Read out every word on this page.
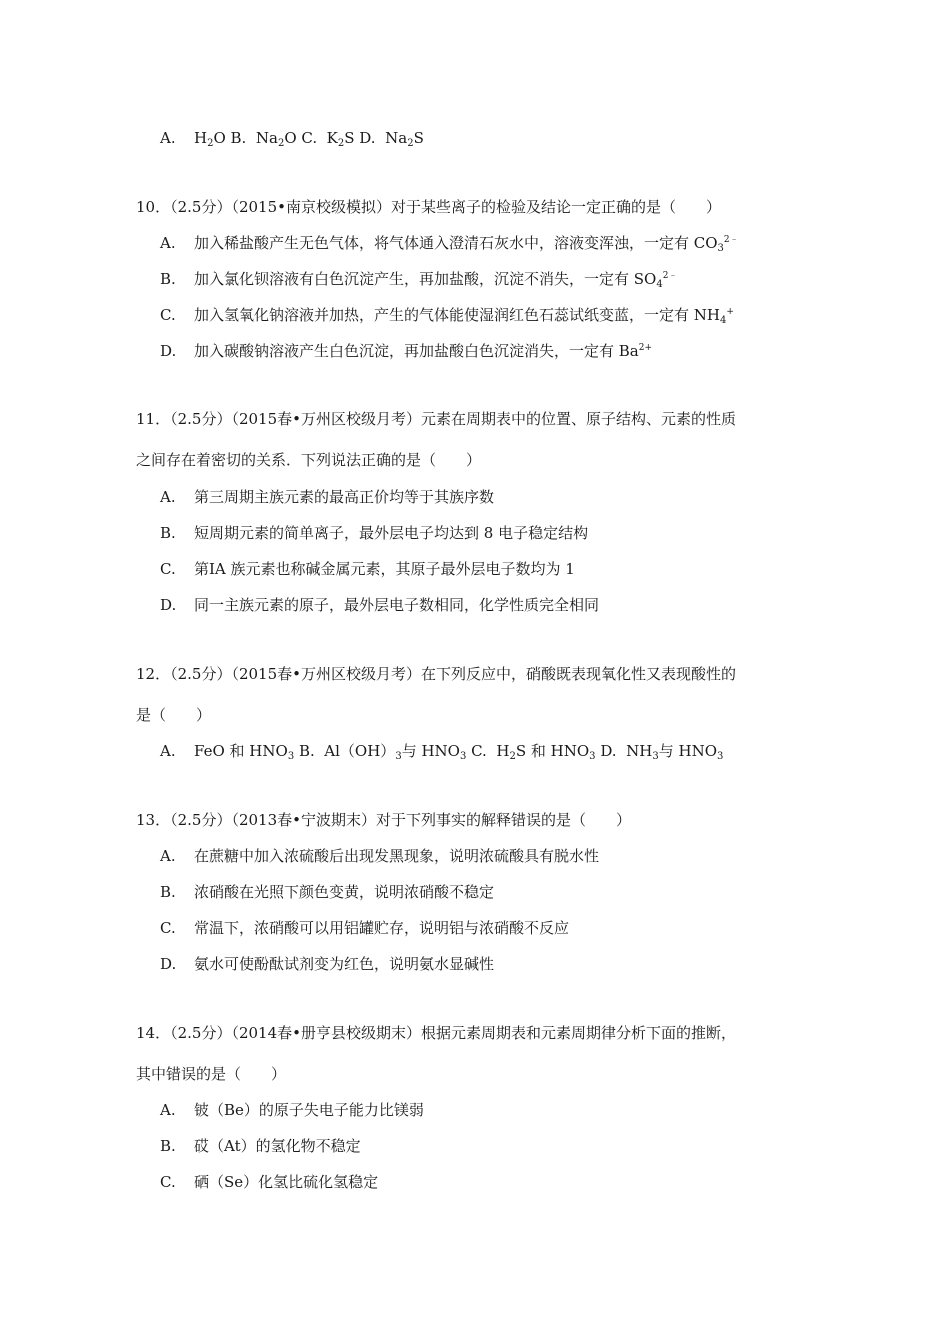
A. $H_2O$ B. $Na_2O$ C. $K_2S$ D. $Na_2S$
10．（2.5分）（2015•南京校级模拟）对于某些离子的检验及结论一定正确的是（　　）
A. 加入稀盐酸产生无色气体，将气体通入澄清石灰水中，溶液变浑浊，一定有 $CO_3^{2﹣}$
B. 加入氯化钡溶液有白色沉淀产生，再加盐酸，沉淀不消失，一定有 $SO_4^{2﹣}$
C. 加入氢氧化钠溶液并加热，产生的气体能使湿润红色石蕊试纸变蓝，一定有 $NH_4^+$
D. 加入碳酸钠溶液产生白色沉淀，再加盐酸白色沉淀消失，一定有 $Ba^{2+}$
11．（2.5分）（2015春•万州区校级月考）元素在周期表中的位置、原子结构、元素的性质
之间存在着密切的关系．下列说法正确的是（　　）
A. 第三周期主族元素的最高正价均等于其族序数
B. 短周期元素的简单离子，最外层电子均达到 8 电子稳定结构
C. 第ⅠA 族元素也称碱金属元素，其原子最外层电子数均为 1
D. 同一主族元素的原子，最外层电子数相同，化学性质完全相同
12．（2.5分）（2015春•万州区校级月考）在下列反应中，硝酸既表现氧化性又表现酸性的
是（　　）
A. FeO 和 $HNO_3$ B. $Al(OH)_3$与 $HNO_3$ C. $H_2S$ 和 $HNO_3$ D. $NH_3$与 $HNO_3$
13．（2.5分）（2013春•宁波期末）对于下列事实的解释错误的是（　　）
A. 在蔗糖中加入浓硫酸后出现发黑现象，说明浓硫酸具有脱水性
B. 浓硝酸在光照下颜色变黄，说明浓硝酸不稳定
C. 常温下，浓硝酸可以用铝罐贮存，说明铝与浓硝酸不反应
D. 氨水可使酚酞试剂变为红色，说明氨水显碱性
14．（2.5分）（2014春•册亨县校级期末）根据元素周期表和元素周期律分析下面的推断，
其中错误的是（　　）
A. 铍（Be）的原子失电子能力比镁弱
B. 砹（At）的氢化物不稳定
C. 硒（Se）化氢比硫化氢稳定
